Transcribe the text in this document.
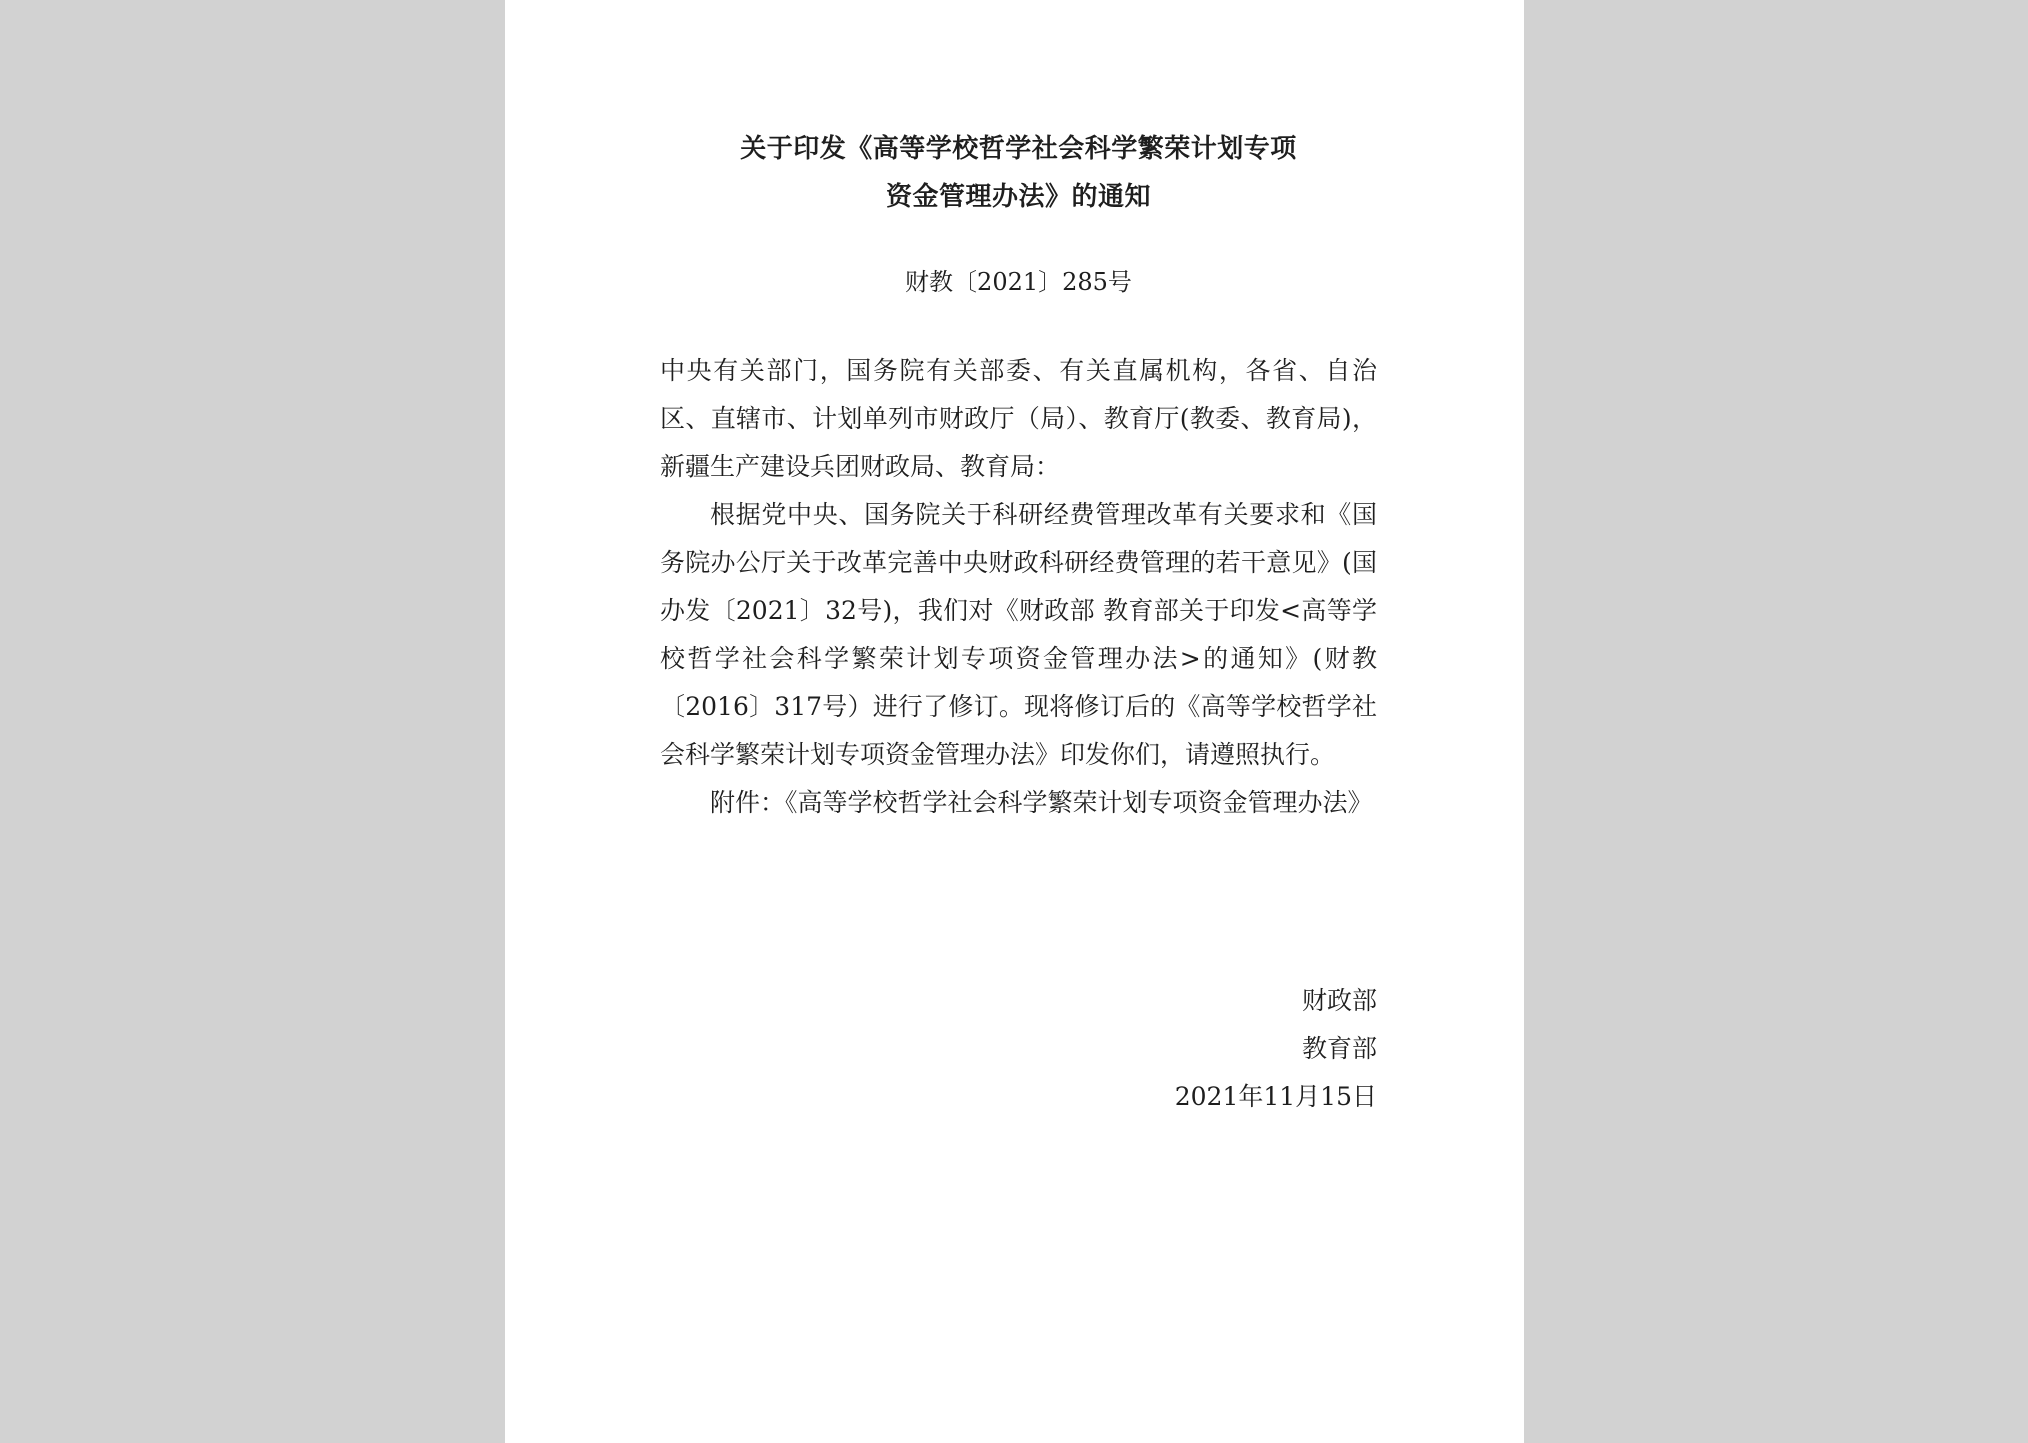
关于印发《高等学校哲学社会科学繁荣计划专项
资金管理办法》的通知
财教〔2021〕285号

中央有关部门，国务院有关部委、有关直属机构，各省、自治区、直辖市、计划单列市财政厅（局）、教育厅(教委、教育局)，新疆生产建设兵团财政局、教育局：

根据党中央、国务院关于科研经费管理改革有关要求和《国务院办公厅关于改革完善中央财政科研经费管理的若干意见》(国办发〔2021〕32号)，我们对《财政部 教育部关于印发<高等学校哲学社会科学繁荣计划专项资金管理办法>的通知》(财教〔2016〕317号）进行了修订。现将修订后的《高等学校哲学社会科学繁荣计划专项资金管理办法》印发你们，请遵照执行。

附件：《高等学校哲学社会科学繁荣计划专项资金管理办法》

财政部
教育部
2021年11月15日
